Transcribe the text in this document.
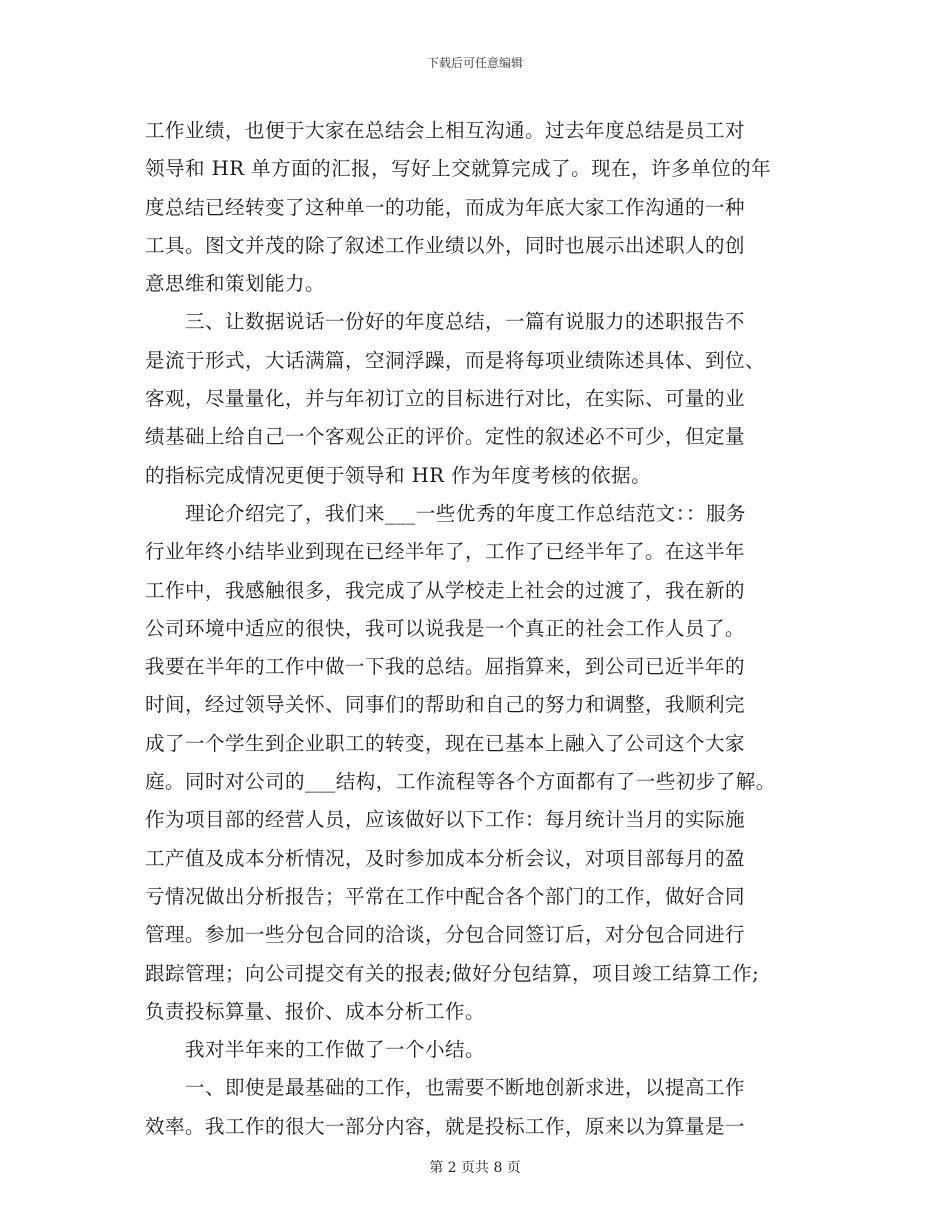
下载后可任意编辑
工作业绩，也便于大家在总结会上相互沟通。过去年度总结是员工对
领导和 HR 单方面的汇报，写好上交就算完成了。现在，许多单位的年
度总结已经转变了这种单一的功能，而成为年底大家工作沟通的一种
工具。图文并茂的除了叙述工作业绩以外，同时也展示出述职人的创
意思维和策划能力。
三、让数据说话一份好的年度总结，一篇有说服力的述职报告不
是流于形式，大话满篇，空洞浮躁，而是将每项业绩陈述具体、到位、
客观，尽量量化，并与年初订立的目标进行对比，在实际、可量的业
绩基础上给自己一个客观公正的评价。定性的叙述必不可少，但定量
的指标完成情况更便于领导和 HR 作为年度考核的依据。
理论介绍完了，我们来___一些优秀的年度工作总结范文：：服务
行业年终小结毕业到现在已经半年了，工作了已经半年了。在这半年
工作中，我感触很多，我完成了从学校走上社会的过渡了，我在新的
公司环境中适应的很快，我可以说我是一个真正的社会工作人员了。
我要在半年的工作中做一下我的总结。屈指算来，到公司已近半年的
时间，经过领导关怀、同事们的帮助和自己的努力和调整，我顺利完
成了一个学生到企业职工的转变，现在已基本上融入了公司这个大家
庭。同时对公司的___结构，工作流程等各个方面都有了一些初步了解。
作为项目部的经营人员，应该做好以下工作：每月统计当月的实际施
工产值及成本分析情况，及时参加成本分析会议，对项目部每月的盈
亏情况做出分析报告；平常在工作中配合各个部门的工作，做好合同
管理。参加一些分包合同的洽谈，分包合同签订后，对分包合同进行
跟踪管理；向公司提交有关的报表;做好分包结算，项目竣工结算工作;
负责投标算量、报价、成本分析工作。
我对半年来的工作做了一个小结。
一、即使是最基础的工作，也需要不断地创新求进，以提高工作
效率。我工作的很大一部分内容，就是投标工作，原来以为算量是一
第 2 页共 8 页
